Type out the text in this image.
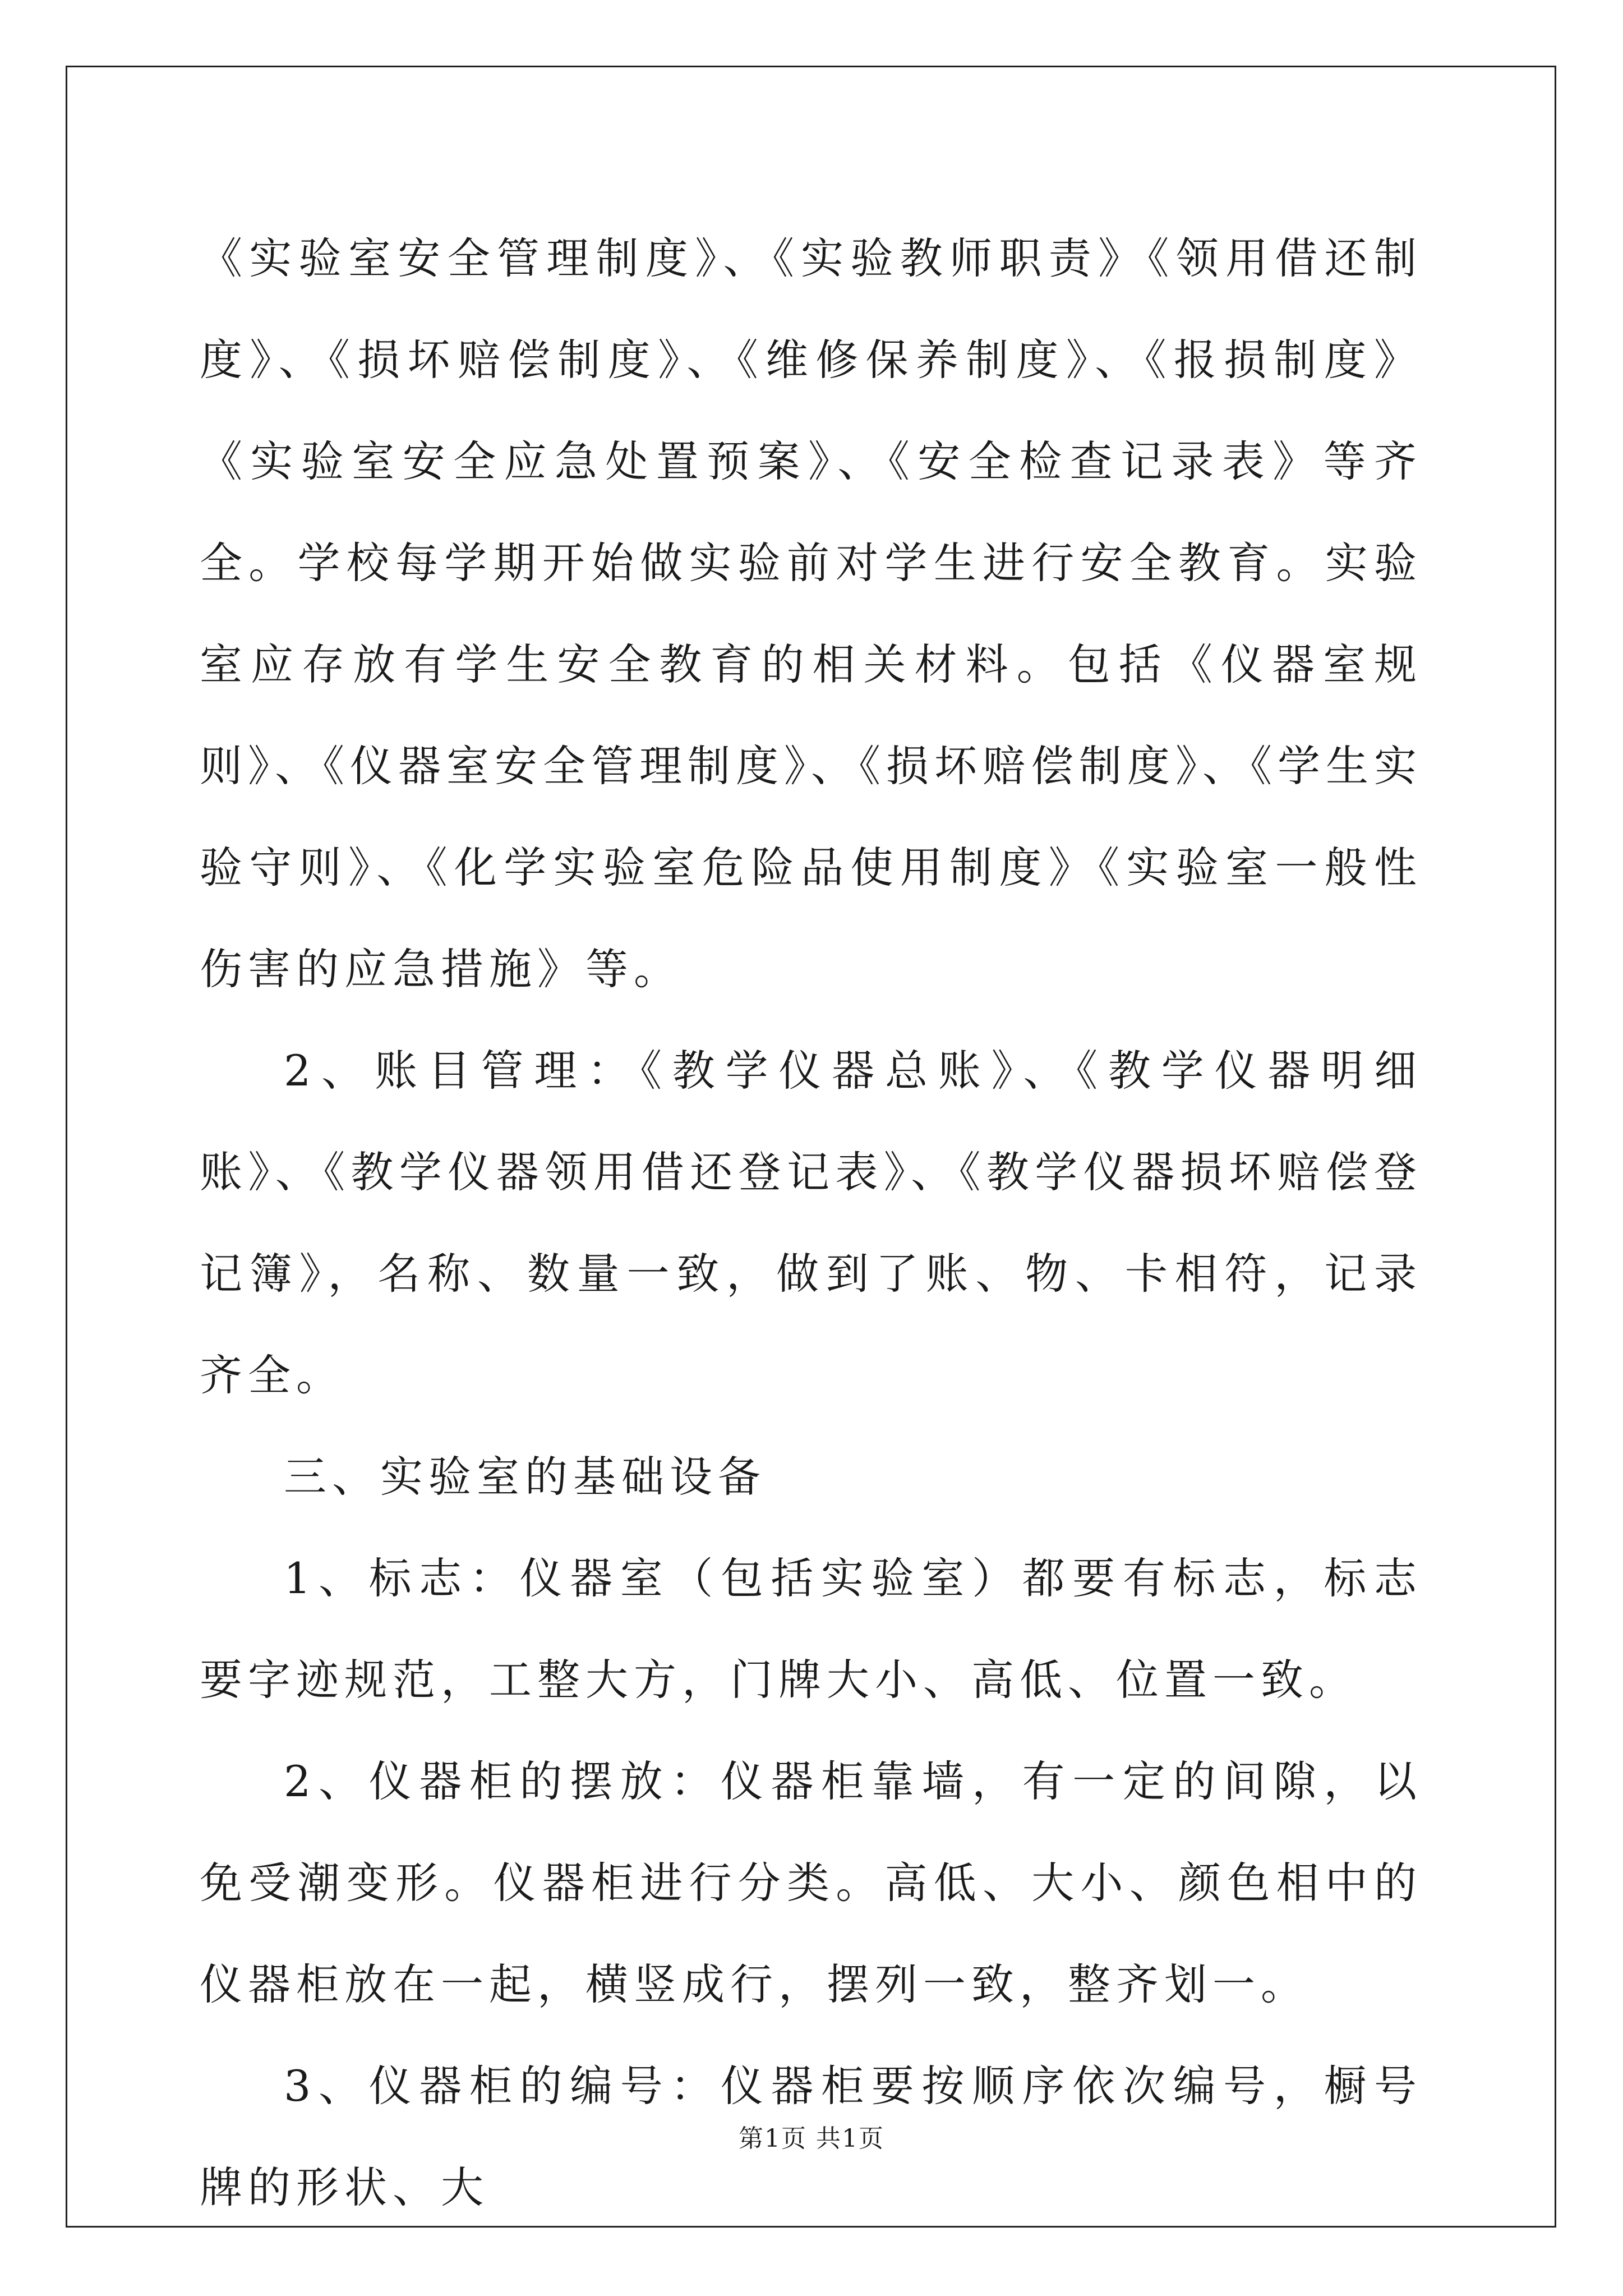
《实验室安全管理制度》、《实验教师职责》《领用借还制度》、《损坏赔偿制度》、《维修保养制度》、《报损制度》《实验室安全应急处置预案》、《安全检查记录表》等齐全。学校每学期开始做实验前对学生进行安全教育。实验室应存放有学生安全教育的相关材料。包括《仪器室规则》、《仪器室安全管理制度》、《损坏赔偿制度》、《学生实验守则》、《化学实验室危险品使用制度》《实验室一般性伤害的应急措施》等。

2、账目管理：《教学仪器总账》、《教学仪器明细账》、《教学仪器领用借还登记表》、《教学仪器损坏赔偿登记簿》，名称、数量一致，做到了账、物、卡相符，记录齐全。

三、实验室的基础设备

1、标志：仪器室（包括实验室）都要有标志，标志要字迹规范，工整大方，门牌大小、高低、位置一致。

2、仪器柜的摆放：仪器柜靠墙，有一定的间隙，以免受潮变形。仪器柜进行分类。高低、大小、颜色相中的仪器柜放在一起，横竖成行，摆列一致，整齐划一。

3、仪器柜的编号：仪器柜要按顺序依次编号，橱号牌的形状、大

第1页 共1页
